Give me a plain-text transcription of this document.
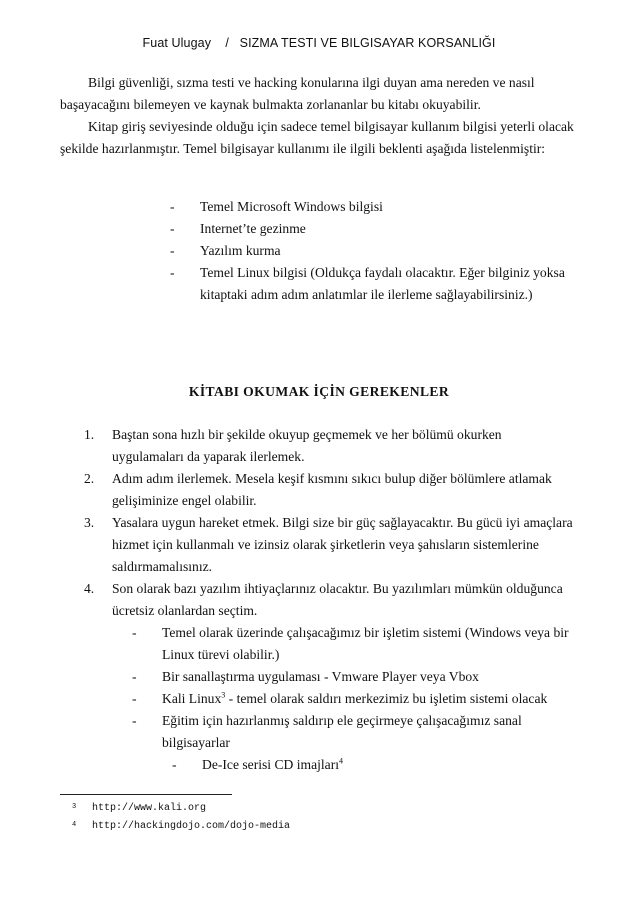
Fuat Ulugay / SIZMA TESTI VE BILGISAYAR KORSANLIĞI

Bilgi güvenliği, sızma testi ve hacking konularına ilgi duyan ama nereden ve nasıl başayacağını bilemeyen ve kaynak bulmakta zorlananlar bu kitabı okuyabilir.

Kitap giriş seviyesinde olduğu için sadece temel bilgisayar kullanım bilgisi yeterli olacak şekilde hazırlanmıştır. Temel bilgisayar kullanımı ile ilgili beklenti aşağıda listelenmiştir:

- Temel Microsoft Windows bilgisi
- Internet’te gezinme
- Yazılım kurma
- Temel Linux bilgisi (Oldukça faydalı olacaktır. Eğer bilginiz yoksa kitaptaki adım adım anlatımlar ile ilerleme sağlayabilirsiniz.)
KİTABI OKUMAK İÇİN GEREKENLER
1. Baştan sona hızlı bir şekilde okuyup geçmemek ve her bölümü okurken uygulamaları da yaparak ilerlemek.
2. Adım adım ilerlemek. Mesela keşif kısmını sıkıcı bulup diğer bölümlere atlamak gelişiminize engel olabilir.
3. Yasalara uygun hareket etmek. Bilgi size bir güç sağlayacaktır. Bu gücü iyi amaçlara hizmet için kullanmalı ve izinsiz olarak şirketlerin veya şahısların sistemlerine saldırmamalısınız.
4. Son olarak bazı yazılım ihtiyaçlarınız olacaktır. Bu yazılımları mümkün olduğunca ücretsiz olanlardan seçtim.
- Temel olarak üzerinde çalışacağımız bir işletim sistemi (Windows veya bir Linux türevi olabilir.)
- Bir sanallaştırma uygulaması - Vmware Player veya Vbox
- Kali Linux$^3$ - temel olarak saldırı merkezimiz bu işletim sistemi olacak
- Eğitim için hazırlanmış saldırıp ele geçirmeye çalışacağımız sanal bilgisayarlar
- De-Ice serisi CD imajları$^4$
3 http://www.kali.org
4 http://hackingdojo.com/dojo-media
